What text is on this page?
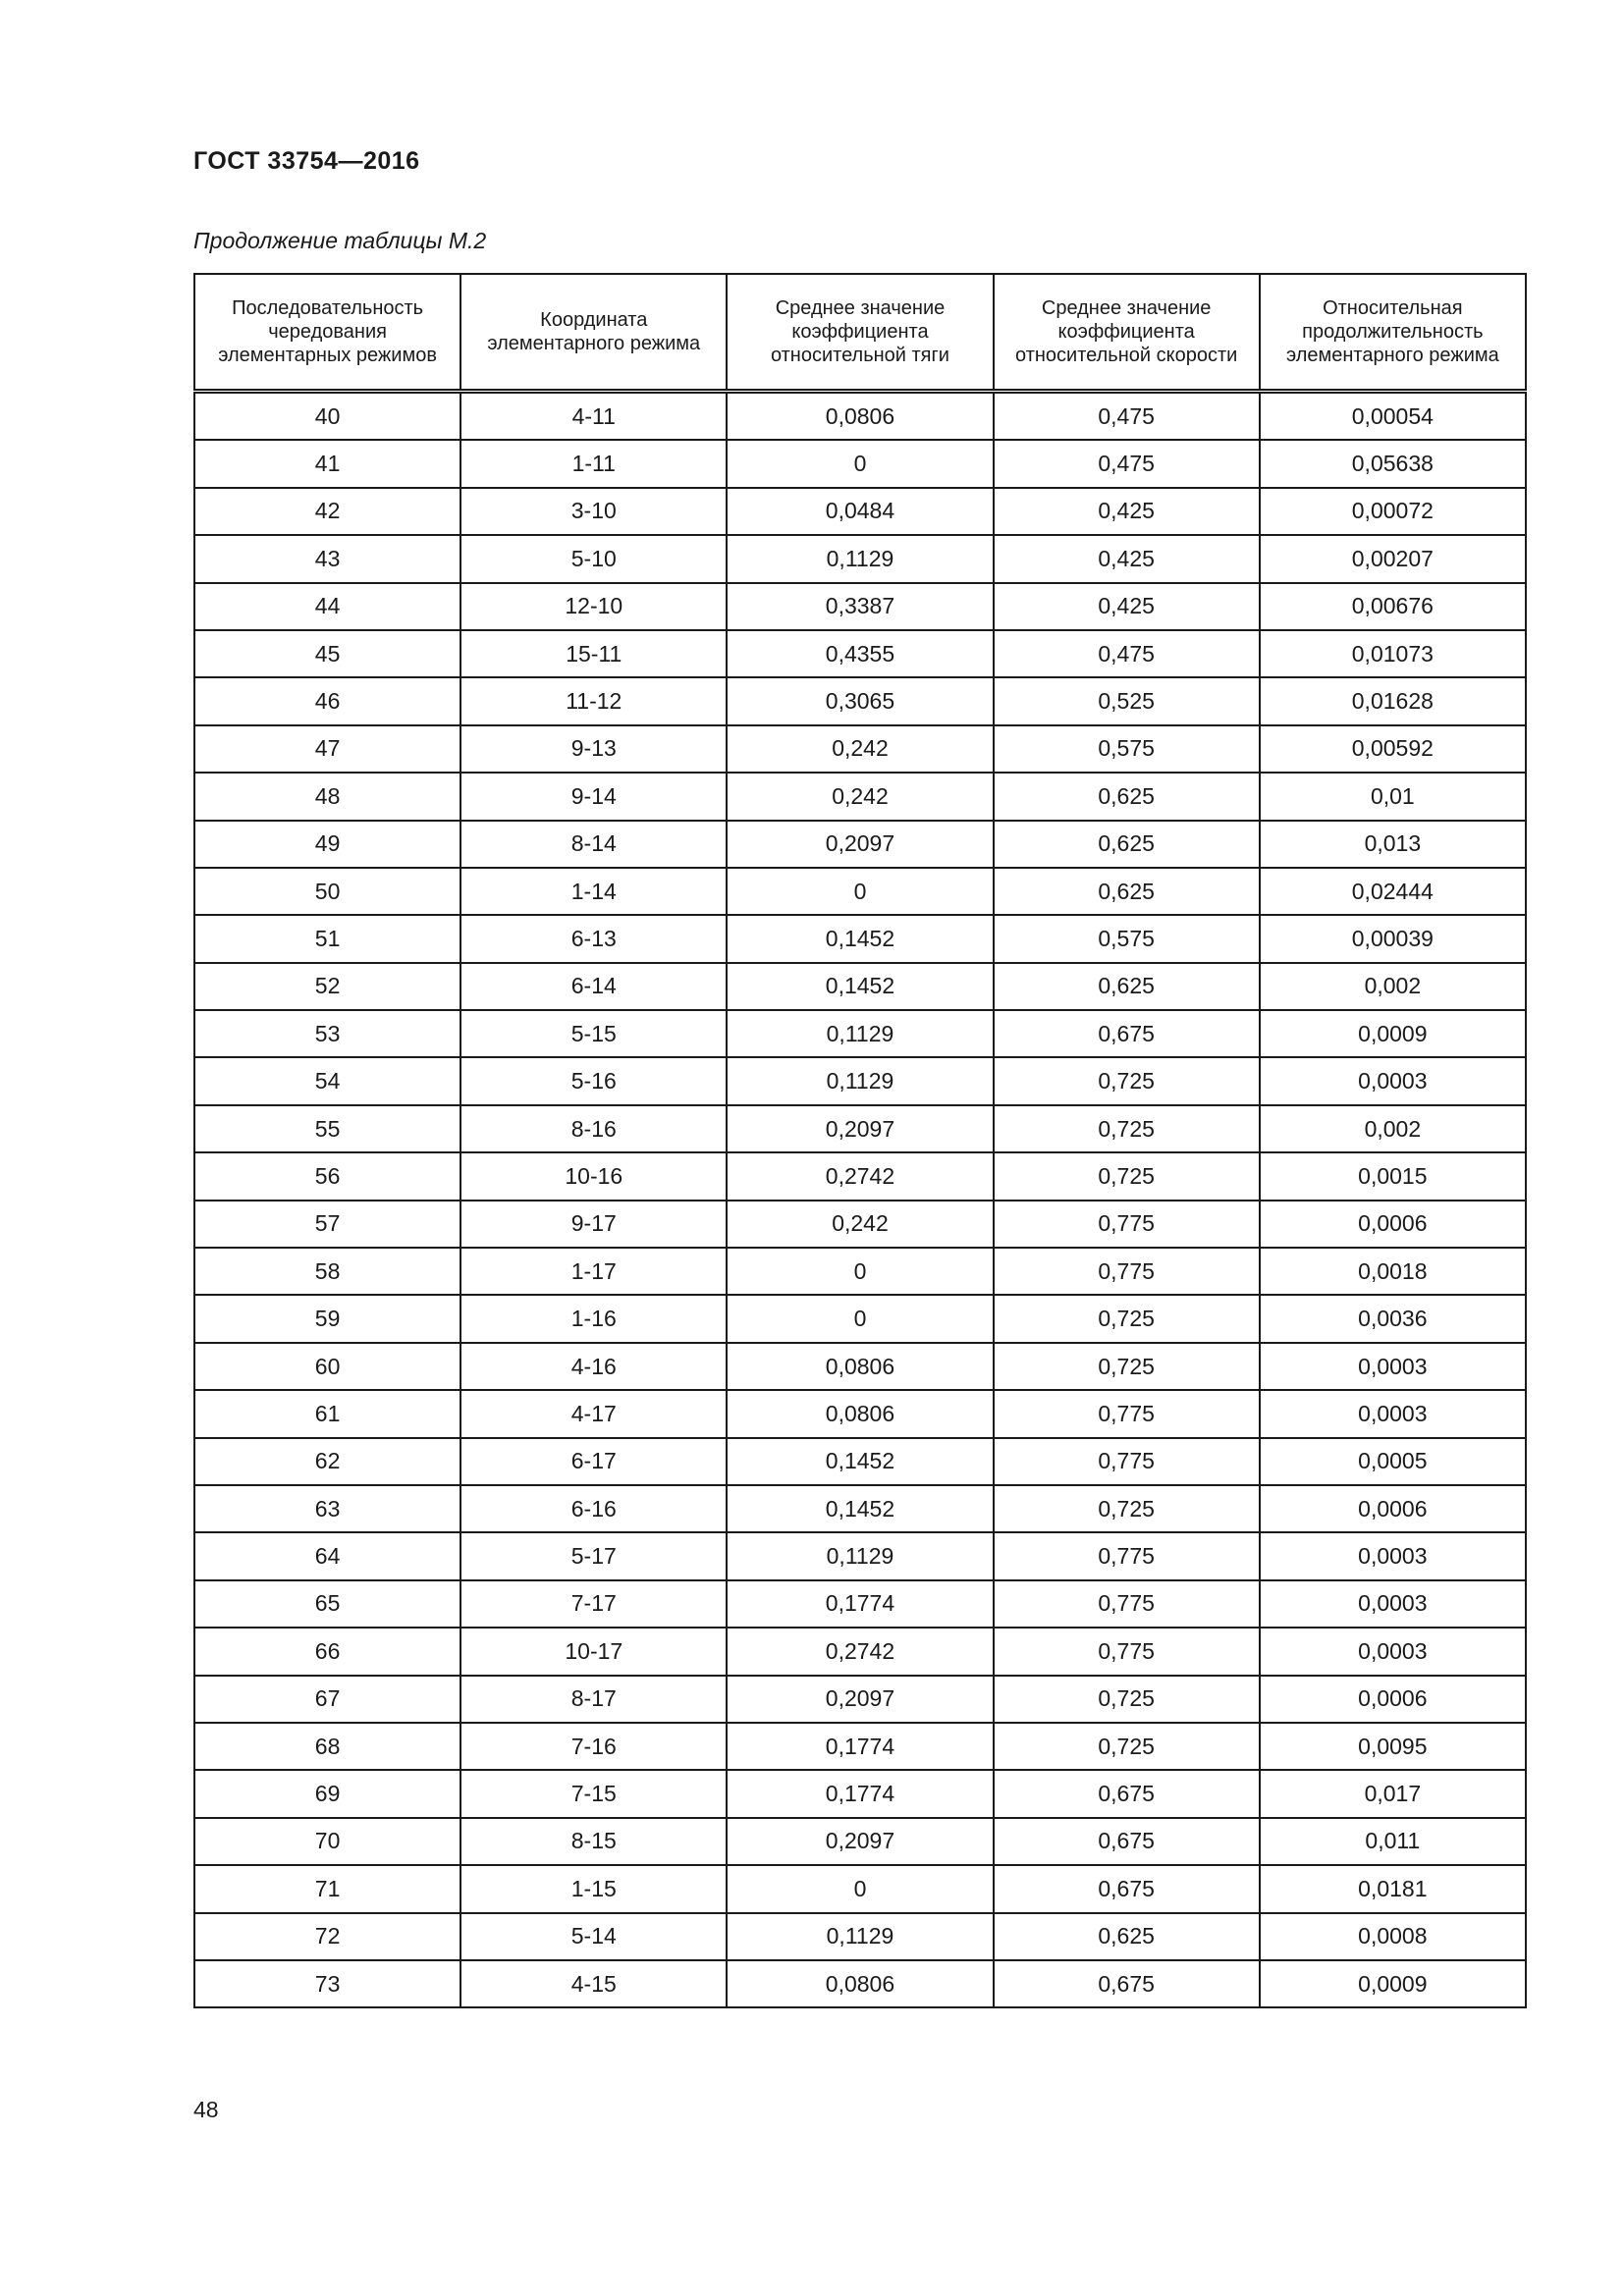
ГОСТ 33754—2016
Продолжение таблицы М.2
Последовательность чередования элементарных режимов	Координата элементарного режима	Среднее значение коэффициента относительной тяги	Среднее значение коэффициента относительной скорости	Относительная продолжительность элементарного режима
40	4-11	0,0806	0,475	0,00054
41	1-11	0	0,475	0,05638
42	3-10	0,0484	0,425	0,00072
43	5-10	0,1129	0,425	0,00207
44	12-10	0,3387	0,425	0,00676
45	15-11	0,4355	0,475	0,01073
46	11-12	0,3065	0,525	0,01628
47	9-13	0,242	0,575	0,00592
48	9-14	0,242	0,625	0,01
49	8-14	0,2097	0,625	0,013
50	1-14	0	0,625	0,02444
51	6-13	0,1452	0,575	0,00039
52	6-14	0,1452	0,625	0,002
53	5-15	0,1129	0,675	0,0009
54	5-16	0,1129	0,725	0,0003
55	8-16	0,2097	0,725	0,002
56	10-16	0,2742	0,725	0,0015
57	9-17	0,242	0,775	0,0006
58	1-17	0	0,775	0,0018
59	1-16	0	0,725	0,0036
60	4-16	0,0806	0,725	0,0003
61	4-17	0,0806	0,775	0,0003
62	6-17	0,1452	0,775	0,0005
63	6-16	0,1452	0,725	0,0006
64	5-17	0,1129	0,775	0,0003
65	7-17	0,1774	0,775	0,0003
66	10-17	0,2742	0,775	0,0003
67	8-17	0,2097	0,725	0,0006
68	7-16	0,1774	0,725	0,0095
69	7-15	0,1774	0,675	0,017
70	8-15	0,2097	0,675	0,011
71	1-15	0	0,675	0,0181
72	5-14	0,1129	0,625	0,0008
73	4-15	0,0806	0,675	0,0009
48
